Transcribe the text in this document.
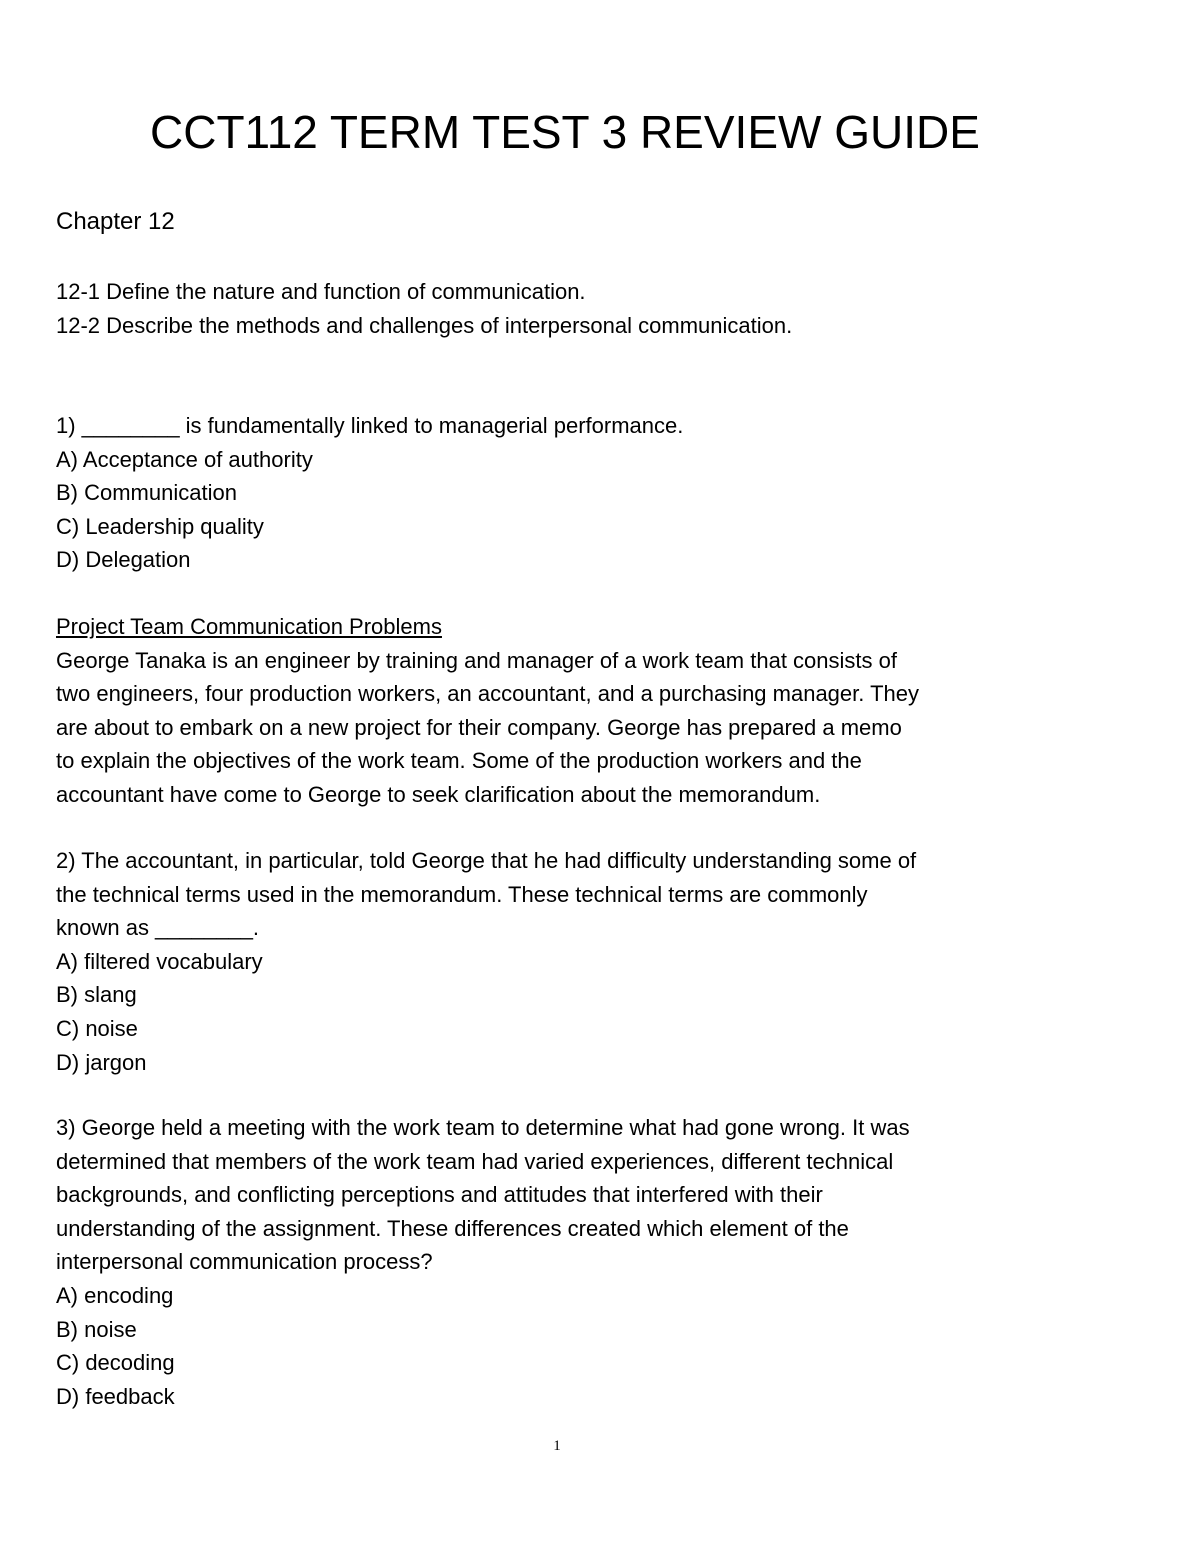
CCT112 TERM TEST 3 REVIEW GUIDE
Chapter 12
12-1 Define the nature and function of communication.
12-2 Describe the methods and challenges of interpersonal communication.
1) ________ is fundamentally linked to managerial performance.
A) Acceptance of authority
B) Communication
C) Leadership quality
D) Delegation
Project Team Communication Problems
George Tanaka is an engineer by training and manager of a work team that consists of
two engineers, four production workers, an accountant, and a purchasing manager. They
are about to embark on a new project for their company. George has prepared a memo
to explain the objectives of the work team. Some of the production workers and the
accountant have come to George to seek clarification about the memorandum.
2) The accountant, in particular, told George that he had difficulty understanding some of
the technical terms used in the memorandum. These technical terms are commonly
known as ________.
A) filtered vocabulary
B) slang
C) noise
D) jargon
3) George held a meeting with the work team to determine what had gone wrong. It was
determined that members of the work team had varied experiences, different technical
backgrounds, and conflicting perceptions and attitudes that interfered with their
understanding of the assignment. These differences created which element of the
interpersonal communication process?
A) encoding
B) noise
C) decoding
D) feedback
1
